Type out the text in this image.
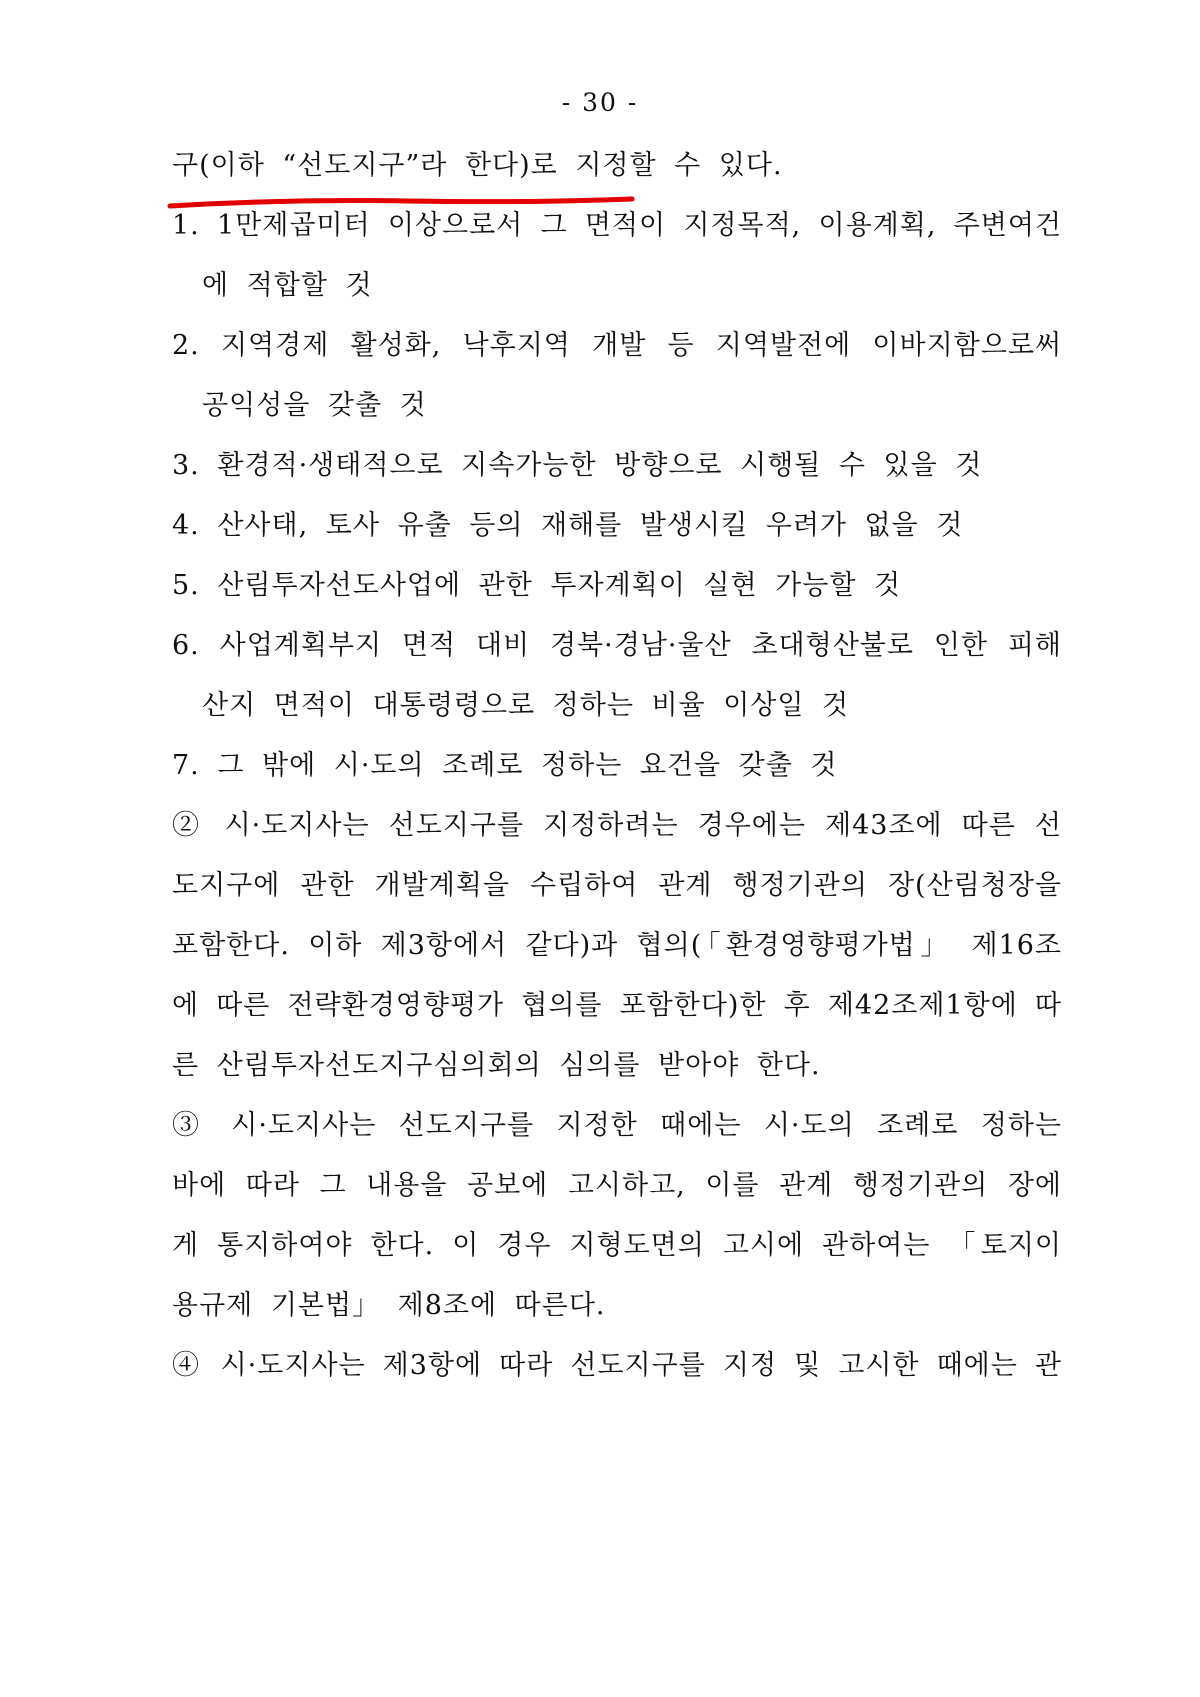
- 30 -
구(이하 “선도지구”라 한다)로 지정할 수 있다.
1. 1만제곱미터 이상으로서 그 면적이 지정목적, 이용계획, 주변여건
에 적합할 것
2. 지역경제 활성화, 낙후지역 개발 등 지역발전에 이바지함으로써
공익성을 갖출 것
3. 환경적·생태적으로 지속가능한 방향으로 시행될 수 있을 것
4. 산사태, 토사 유출 등의 재해를 발생시킬 우려가 없을 것
5. 산림투자선도사업에 관한 투자계획이 실현 가능할 것
6. 사업계획부지 면적 대비 경북·경남·울산 초대형산불로 인한 피해
산지 면적이 대통령령으로 정하는 비율 이상일 것
7. 그 밖에 시·도의 조례로 정하는 요건을 갖출 것
② 시·도지사는 선도지구를 지정하려는 경우에는 제43조에 따른 선
도지구에 관한 개발계획을 수립하여 관계 행정기관의 장(산림청장을
포함한다. 이하 제3항에서 같다)과 협의(「환경영향평가법」 제16조
에 따른 전략환경영향평가 협의를 포함한다)한 후 제42조제1항에 따
른 산림투자선도지구심의회의 심의를 받아야 한다.
③ 시·도지사는 선도지구를 지정한 때에는 시·도의 조례로 정하는
바에 따라 그 내용을 공보에 고시하고, 이를 관계 행정기관의 장에
게 통지하여야 한다. 이 경우 지형도면의 고시에 관하여는 「토지이
용규제 기본법」 제8조에 따른다.
④ 시·도지사는 제3항에 따라 선도지구를 지정 및 고시한 때에는 관
